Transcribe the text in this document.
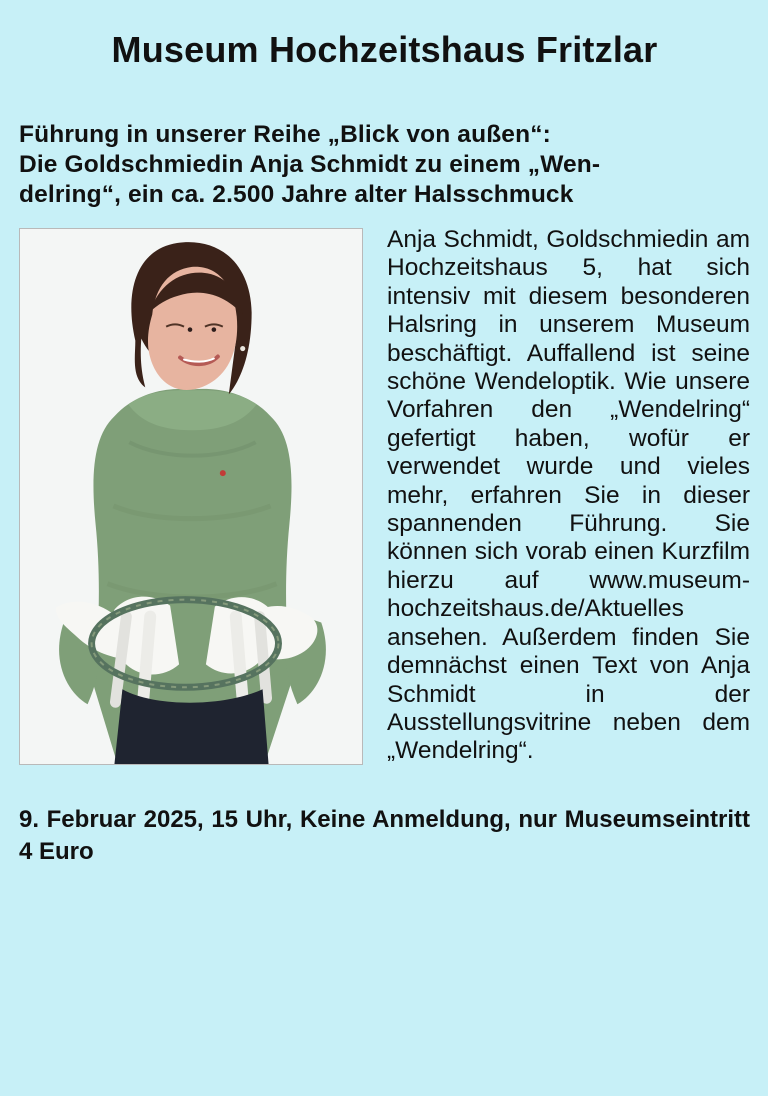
Museum Hochzeitshaus Fritzlar
Führung in unserer Reihe „Blick von außen“:
Die Goldschmiedin Anja Schmidt zu einem „Wen-
delring“, ein ca. 2.500 Jahre alter Halsschmuck

Anja Schmidt, Goldschmiedin am Hochzeitshaus 5, hat sich intensiv mit diesem besonderen Halsring in unserem Museum beschäftigt. Auffallend ist seine schöne Wendeloptik. Wie unsere Vorfahren den „Wendelring“ gefertigt haben, wofür er verwendet wurde und vieles mehr, erfahren Sie in dieser spannenden Führung. Sie können sich vorab einen Kurzfilm hierzu auf www.museum-hochzeitshaus.de/Aktuelles ansehen. Außerdem finden Sie demnächst einen Text von Anja Schmidt in der Ausstellungsvitrine neben dem „Wendelring“.

9. Februar 2025, 15 Uhr, Keine Anmeldung, nur Museumseintritt 4 Euro
